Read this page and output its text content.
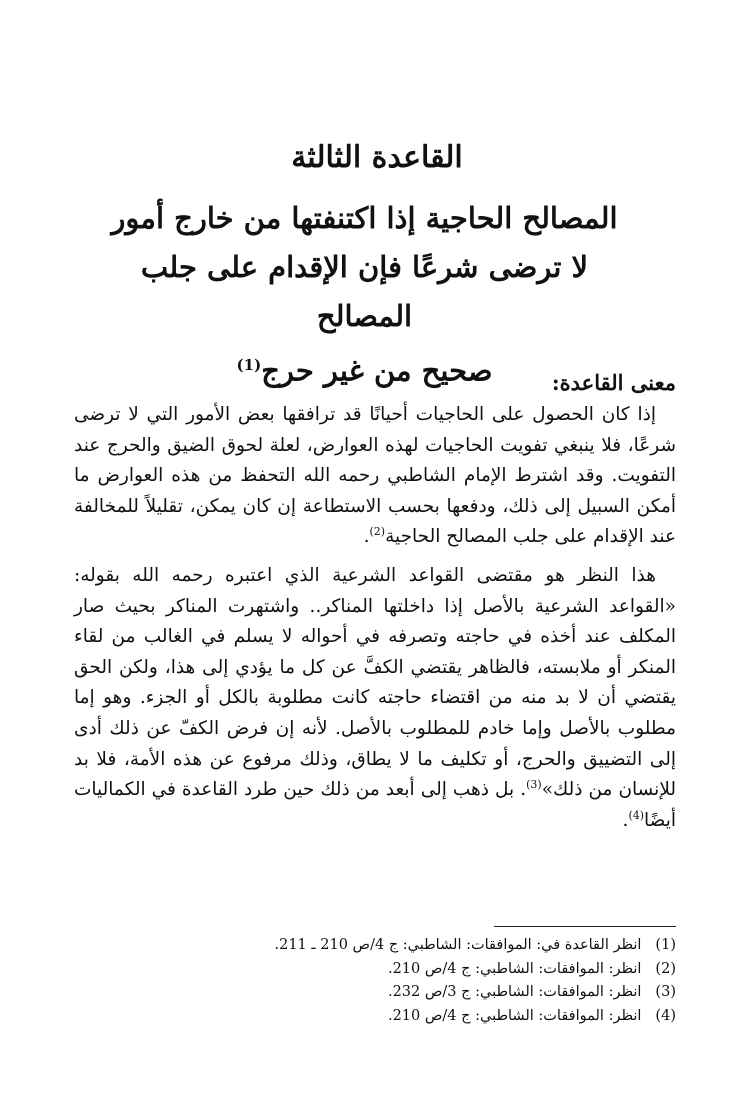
القاعدة الثالثة
المصالح الحاجية إذا اكتنفتها من خارج أمور
لا ترضى شرعًا فإن الإقدام على جلب المصالح
صحيح من غير حرج$^{(1)}$
معنى القاعدة:

إذا كان الحصول على الحاجيات أحيانًا قد ترافقها بعض الأمور التي لا ترضى شرعًا، فلا ينبغي تفويت الحاجيات لهذه العوارض، لعلة لحوق الضيق والحرج عند التفويت. وقد اشترط الإمام الشاطبي رحمه الله التحفظ من هذه العوارض ما أمكن السبيل إلى ذلك، ودفعها بحسب الاستطاعة إن كان يمكن، تقليلاً للمخالفة عند الإقدام على جلب المصالح الحاجية$^{(2)}$.

هذا النظر هو مقتضى القواعد الشرعية الذي اعتبره رحمه الله بقوله: «القواعد الشرعية بالأصل إذا داخلتها المناكر.. واشتهرت المناكر بحيث صار المكلف عند أخذه في حاجته وتصرفه في أحواله لا يسلم في الغالب من لقاء المنكر أو ملابسته، فالظاهر يقتضي الكفَّ عن كل ما يؤدي إلى هذا، ولكن الحق يقتضي أن لا بد منه من اقتضاء حاجته كانت مطلوبة بالكل أو الجزء. وهو إما مطلوب بالأصل وإما خادم للمطلوب بالأصل. لأنه إن فرض الكفّ عن ذلك أدى إلى التضييق والحرج، أو تكليف ما لا يطاق، وذلك مرفوع عن هذه الأمة، فلا بد للإنسان من ذلك»$^{(3)}$. بل ذهب إلى أبعد من ذلك حين طرد القاعدة في الكماليات أيضًا$^{(4)}$.

(1)انظر القاعدة في: الموافقات: الشاطبي: ج 4/ص 210 ـ 211.
(2)انظر: الموافقات: الشاطبي: ج 4/ص 210.
(3)انظر: الموافقات: الشاطبي: ج 3/ص 232.
(4)انظر: الموافقات: الشاطبي: ج 4/ص 210.
